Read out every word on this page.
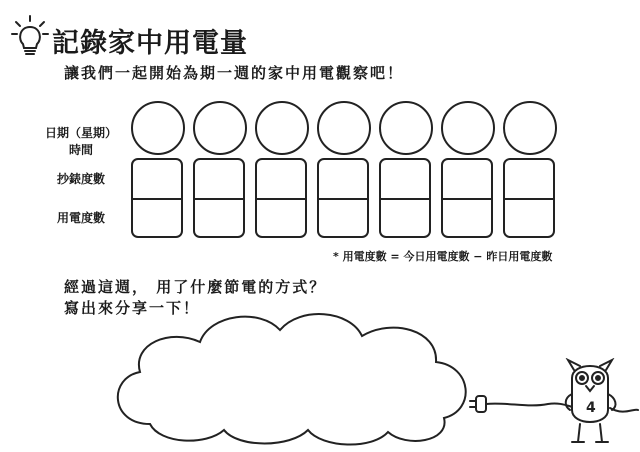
記錄家中用電量
讓我們一起開始為期一週的家中用電觀察吧！
日期（星期）
時間
抄錶度數
用電度數
* 用電度數 = 今日用電度數 − 昨日用電度數
經過這週， 用了什麼節電的方式？
寫出來分享一下！
4
